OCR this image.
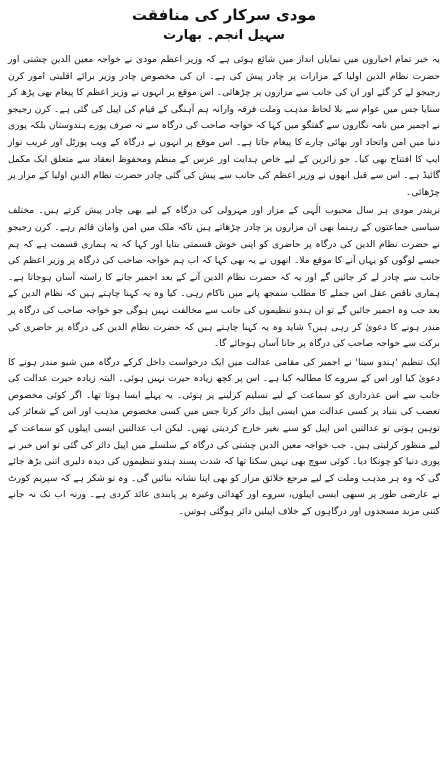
مودی سرکار کی منافقت
سہیل انجم۔ بھارت

یہ خبر تمام اخباروں میں نمایاں انداز میں شائع ہوئی ہے کہ وزیر اعظم مودی نے خواجہ معین الدین چشتی اور حضرت نظام الدین اولیا کے مزارات پر چادر پیش کی ہے۔ ان کی مخصوص چادر وزیر برائے اقلیتی امور کرن رجیجو لے کر گئے اور ان کی جانب سے مزاروں پر چڑھائی۔ اس موقع پر انہوں نے وزیر اعظم کا پیغام بھی پڑھ کر سنایا جس میں عوام سے بلا لحاظ مذہب وملت فرقہ وارانہ ہم آہنگی کے قیام کی اپیل کی گئی ہے۔ کرن رجیجو نے اجمیر میں نامہ نگاروں سے گفتگو میں کہا کہ خواجہ صاحب کی درگاہ سے نہ صرف پورے ہندوستان بلکہ پوری دنیا میں امن واتحاد اور بھائی چارے کا پیغام جاتا ہے۔ اس موقع پر انہوں نے درگاہ کے ویب پورٹل اور غریب نواز ایپ کا افتتاح بھی کیا۔ جو زائرین کے لیے خاص ہدایت اور عرس کے منظم ومحفوظ انعقاد سے متعلق ایک مکمل گائیڈ ہے۔ اس سے قبل انھوں نے وزیر اعظم کی جانب سے پیش کی گئی چادر حضرت نظام الدین اولیا کے مزار پر چڑھائی۔

نریندر مودی ہر سال محبوب الٰہی کے مزار اور مہرولی کی درگاہ کے لیے بھی چادر پیش کرتے ہیں۔ مختلف سیاسی جماعتوں کے رہنما بھی ان مزاروں پر چادر چڑھاتے ہیں تاکہ ملک میں امن وامان قائم رہے۔ کرن رجیجو نے حضرت نظام الدین کی درگاہ پر حاضری کو اپنی خوش قسمتی بتایا اور کہا کہ یہ ہماری قسمت ہے کہ ہم جیسے لوگوں کو یہاں آنے کا موقع ملا۔ انھوں نے یہ بھی کہا کہ اب ہم خواجہ صاحب کی درگاہ پر وزیر اعظم کی جانب سے چادر لے کر جائیں گے اور یہ کہ حضرت نظام الدین آنے کے بعد اجمیر جانے کا راستہ آسان ہوجاتا ہے۔ ہماری ناقص عقل اس جملے کا مطلب سمجھ پانے میں ناکام رہی۔ کیا وہ یہ کہنا چاہتے ہیں کہ نظام الدین کے بعد جب وہ اجمیر جائیں گے تو ان ہندو تنظیموں کی جانب سے مخالفت نہیں ہوگی جو خواجہ صاحب کی درگاہ پر مندر ہونے کا دعویٰ کر رہی ہیں؟ شاید وہ یہ کہنا چاہتے ہیں کہ حضرت نظام الدین کی درگاہ پر حاضری کی برکت سے خواجہ صاحب کی درگاہ پر جانا آسان ہوجائے گا۔

ایک تنظیم 'ہندو سینا' نے اجمیر کی مقامی عدالت میں ایک درخواست داخل کرکے درگاہ میں شیو مندر ہونے کا دعویٰ کیا اور اس کے سروے کا مطالبہ کیا ہے۔ اس پر کچھ زیادہ حیرت نہیں ہوئی۔ البتہ زیادہ حیرت عدالت کی جانب سے اس عذرداری کو سماعت کے لیے تسلیم کرلینے پر ہوئی۔ یہ پہلے ایسا ہوتا تھا۔ اگر کوئی مخصوص تعصب کی بنیاد پر کسی عدالت میں ایسی اپیل دائر کرتا جس میں کسی مخصوص مذہب اور اس کے شعائر کی توہین ہوتی تو عدالتیں اس اپیل کو سنے بغیر خارج کردیتی تھیں۔ لیکن اب عدالتیں ایسی اپیلوں کو سماعت کے لیے منظور کرلیتی ہیں۔ جب خواجہ معین الدین چشتی کی درگاہ کے سلسلے میں اپیل دائر کی گئی تو اس خبر نے پوری دنیا کو چونکا دیا۔ کوئی سوچ بھی نہیں سکتا تھا کہ شدت پسند ہندو تنظیموں کی دیدہ دلیری اتنی بڑھ جائے گی کہ وہ ہر مذہب وملت کے لیے مرجع خلائق مزار کو بھی اپنا نشانہ بنائیں گی۔ وہ تو شکر ہے کہ سپریم کورٹ نے عارضی طور پر سبھی ایسی اپیلوں، سروے اور کھدائی وغیرہ پر پابندی عائد کردی ہے۔ ورنہ اب تک نہ جانے کتنی مزید مسجدوں اور درگاہوں کے خلاف اپیلیں دائر ہوگئی ہوتیں۔
